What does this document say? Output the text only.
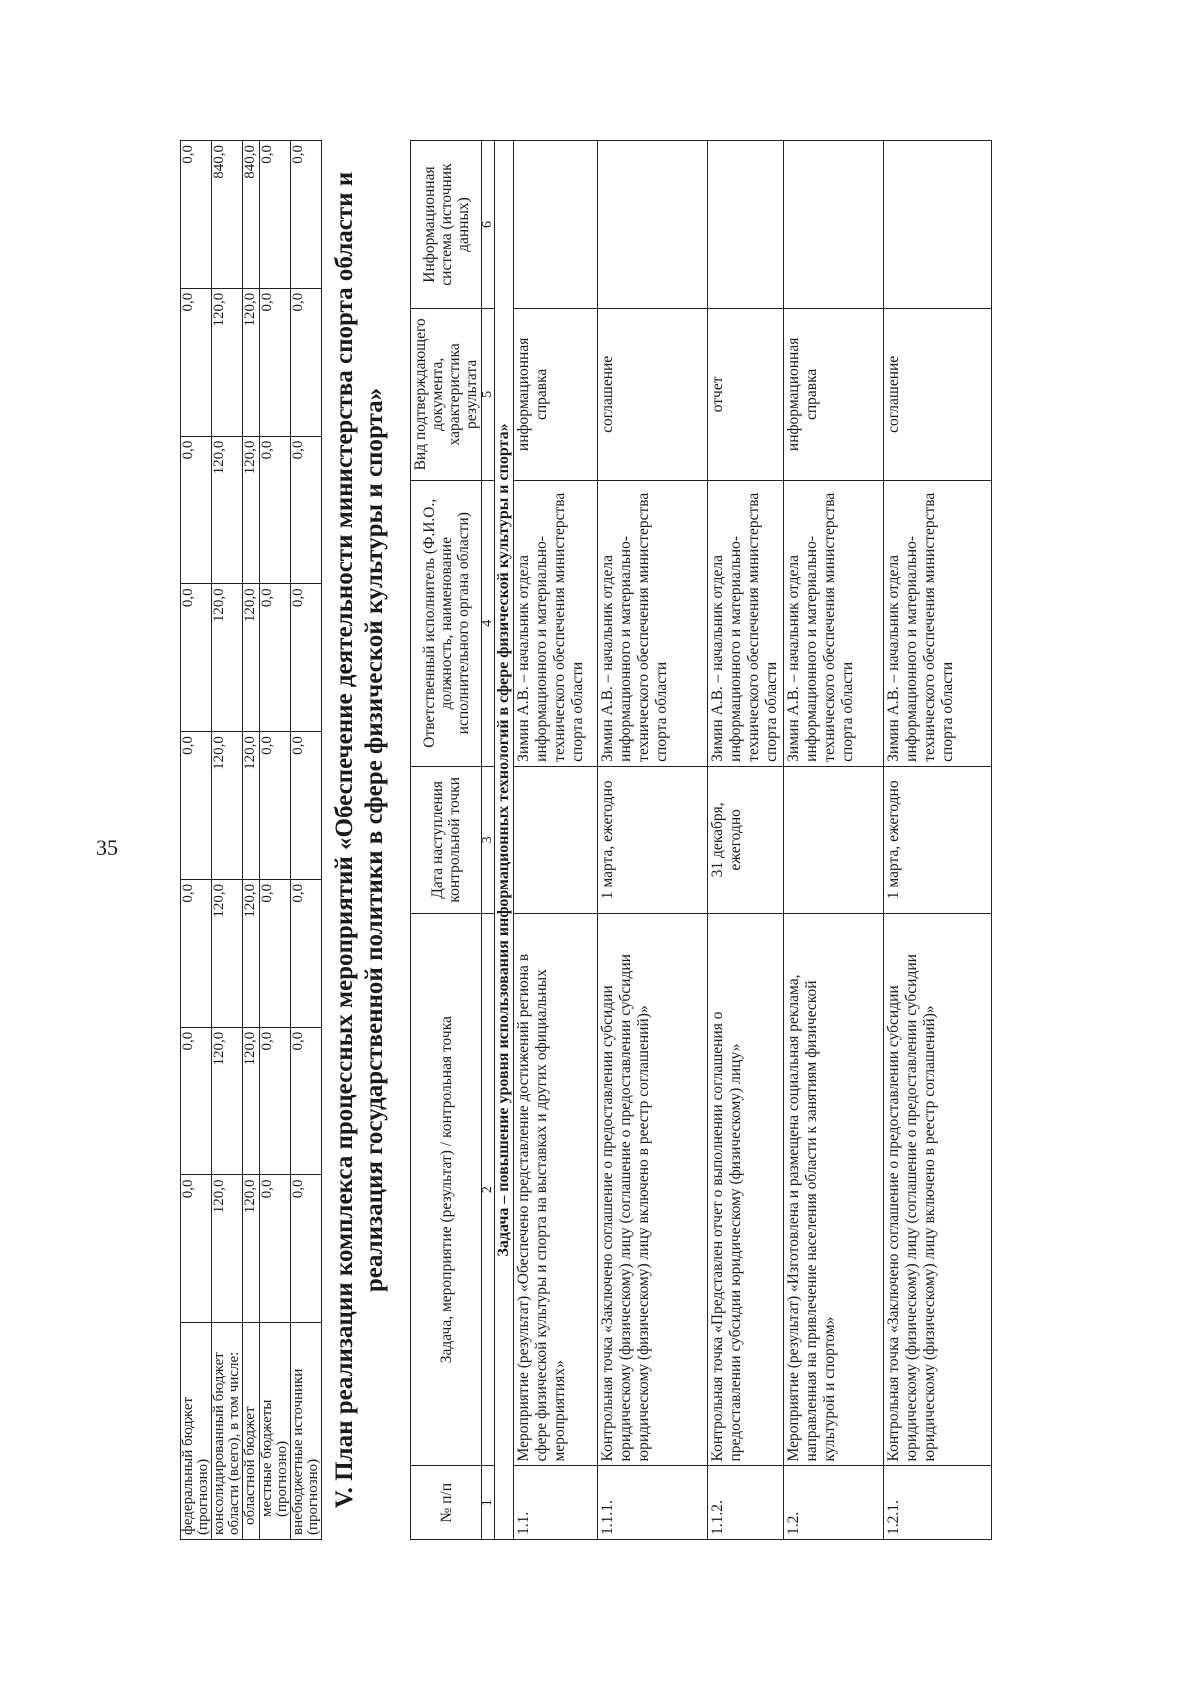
35
федеральный бюджет (прогнозно)	0,0	0,0	0,0	0,0	0,0	0,0	0,0	0,0
консолидированный бюджет области (всего), в том числе:	120,0	120,0	120,0	120,0	120,0	120,0	120,0	840,0
областной бюджет	120,0	120,0	120,0	120,0	120,0	120,0	120,0	840,0
местные бюджеты (прогнозно)	0,0	0,0	0,0	0,0	0,0	0,0	0,0	0,0
внебюджетные источники (прогнозно)	0,0	0,0	0,0	0,0	0,0	0,0	0,0	0,0
V. План реализации комплекса процессных мероприятий «Обеспечение деятельности министерства спорта области и реализация государственной политики в сфере физической культуры и спорта»
№ п/п	Задача, мероприятие (результат) / контрольная точка	Дата наступления контрольной точки	Ответственный исполнитель (Ф.И.О., должность, наименование исполнительного органа области)	Вид подтверждающего документа, характеристика результата	Информационная система (источник данных)
1	2	3	4	5	6
Задача – повышение уровня использования информационных технологий в сфере физической культуры и спорта»					
1.1.	Мероприятие (результат) «Обеспечено представление достижений региона в сфере физической культуры и спорта на выставках и других официальных мероприятиях»		Зимин А.В. – начальник отдела информационного и материально-технического обеспечения министерства спорта области	информационная справка	
1.1.1.	Контрольная точка «Заключено соглашение о предоставлении субсидии юридическому (физическому) лицу (соглашение о предоставлении субсидии юридическому (физическому) лицу включено в реестр соглашений)»	1 марта, ежегодно	Зимин А.В. – начальник отдела информационного и материально-технического обеспечения министерства спорта области	соглашение	
1.1.2.	Контрольная точка «Представлен отчет о выполнении соглашения о предоставлении субсидии юридическому (физическому) лицу»	31 декабря, ежегодно	Зимин А.В. – начальник отдела информационного и материально-технического обеспечения министерства спорта области	отчет	
1.2.	Мероприятие (результат) «Изготовлена и размещена социальная реклама, направленная на привлечение населения области к занятиям физической культурой и спортом»		Зимин А.В. – начальник отдела информационного и материально-технического обеспечения министерства спорта области	информационная справка	
1.2.1.	Контрольная точка «Заключено соглашение о предоставлении субсидии юридическому (физическому) лицу (соглашение о предоставлении субсидии юридическому (физическому) лицу включено в реестр соглашений)»	1 марта, ежегодно	Зимин А.В. – начальник отдела информационного и материально-технического обеспечения министерства спорта области	соглашение	
